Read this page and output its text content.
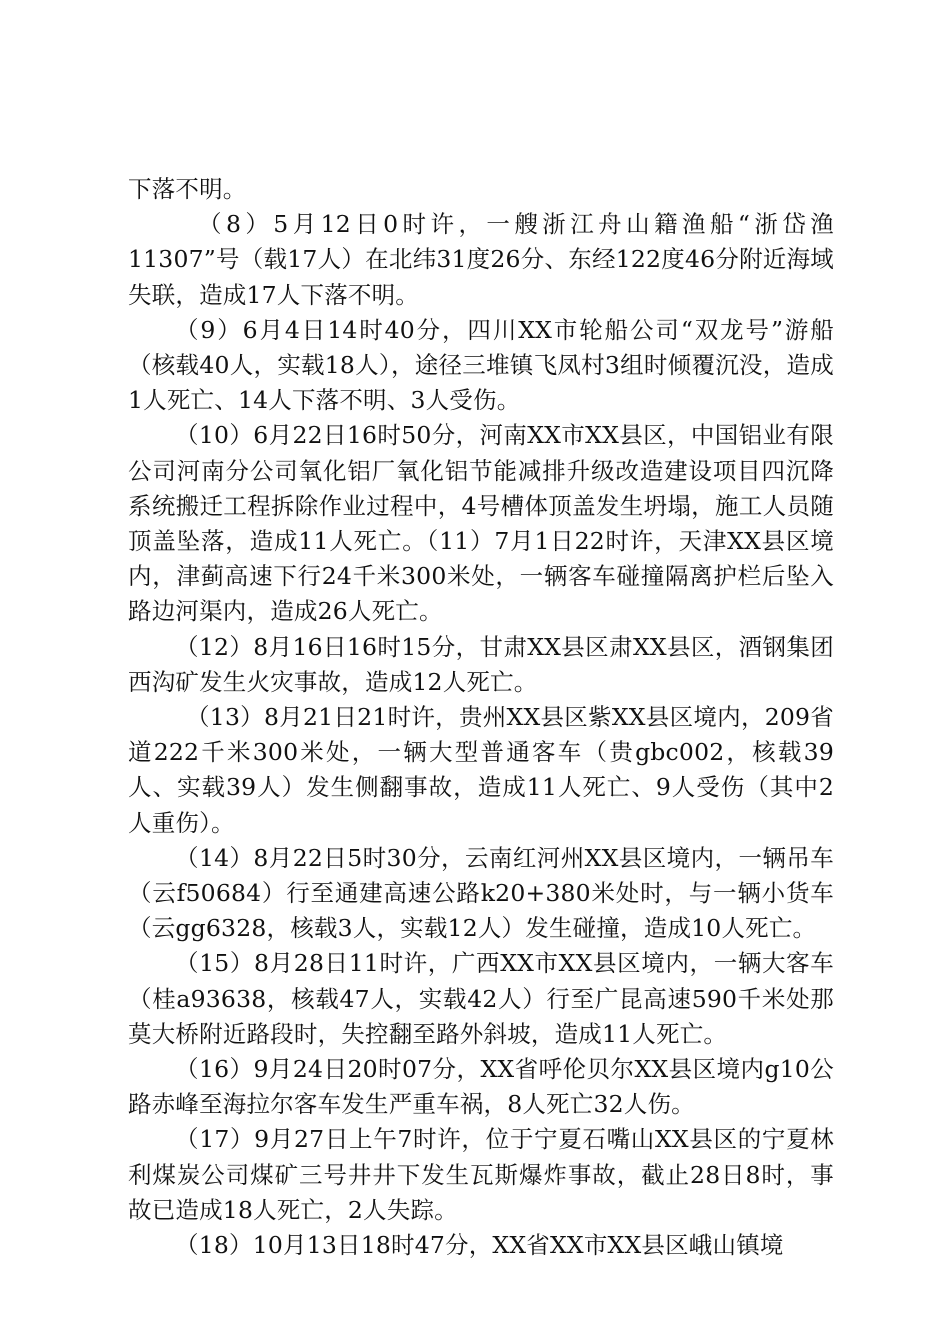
下落不明。

（8）5月12日0时许，一艘浙江舟山籍渔船“浙岱渔11307”号（载17人）在北纬31度26分、东经122度46分附近海域失联，造成17人下落不明。

（9）6月4日14时40分，四川XX市轮船公司“双龙号”游船（核载40人，实载18人），途径三堆镇飞凤村3组时倾覆沉没，造成1人死亡、14人下落不明、3人受伤。

（10）6月22日16时50分，河南XX市XX县区，中国铝业有限公司河南分公司氧化铝厂氧化铝节能减排升级改造建设项目四沉降系统搬迁工程拆除作业过程中，4号槽体顶盖发生坍塌，施工人员随顶盖坠落，造成11人死亡。（11）7月1日22时许，天津XX县区境内，津蓟高速下行24千米300米处，一辆客车碰撞隔离护栏后坠入路边河渠内，造成26人死亡。

（12）8月16日16时15分，甘肃XX县区肃XX县区，酒钢集团西沟矿发生火灾事故，造成12人死亡。

（13）8月21日21时许，贵州XX县区紫XX县区境内，209省道222千米300米处，一辆大型普通客车（贵gbc002，核载39人、实载39人）发生侧翻事故，造成11人死亡、9人受伤（其中2人重伤）。

（14）8月22日5时30分，云南红河州XX县区境内，一辆吊车（云f50684）行至通建高速公路k20+380米处时，与一辆小货车（云gg6328，核载3人，实载12人）发生碰撞，造成10人死亡。

（15）8月28日11时许，广西XX市XX县区境内，一辆大客车（桂a93638，核载47人，实载42人）行至广昆高速590千米处那莫大桥附近路段时，失控翻至路外斜坡，造成11人死亡。

（16）9月24日20时07分，XX省呼伦贝尔XX县区境内g10公路赤峰至海拉尔客车发生严重车祸，8人死亡32人伤。

（17）9月27日上午7时许，位于宁夏石嘴山XX县区的宁夏林利煤炭公司煤矿三号井井下发生瓦斯爆炸事故，截止28日8时，事故已造成18人死亡，2人失踪。

（18）10月13日18时47分，XX省XX市XX县区峨山镇境
